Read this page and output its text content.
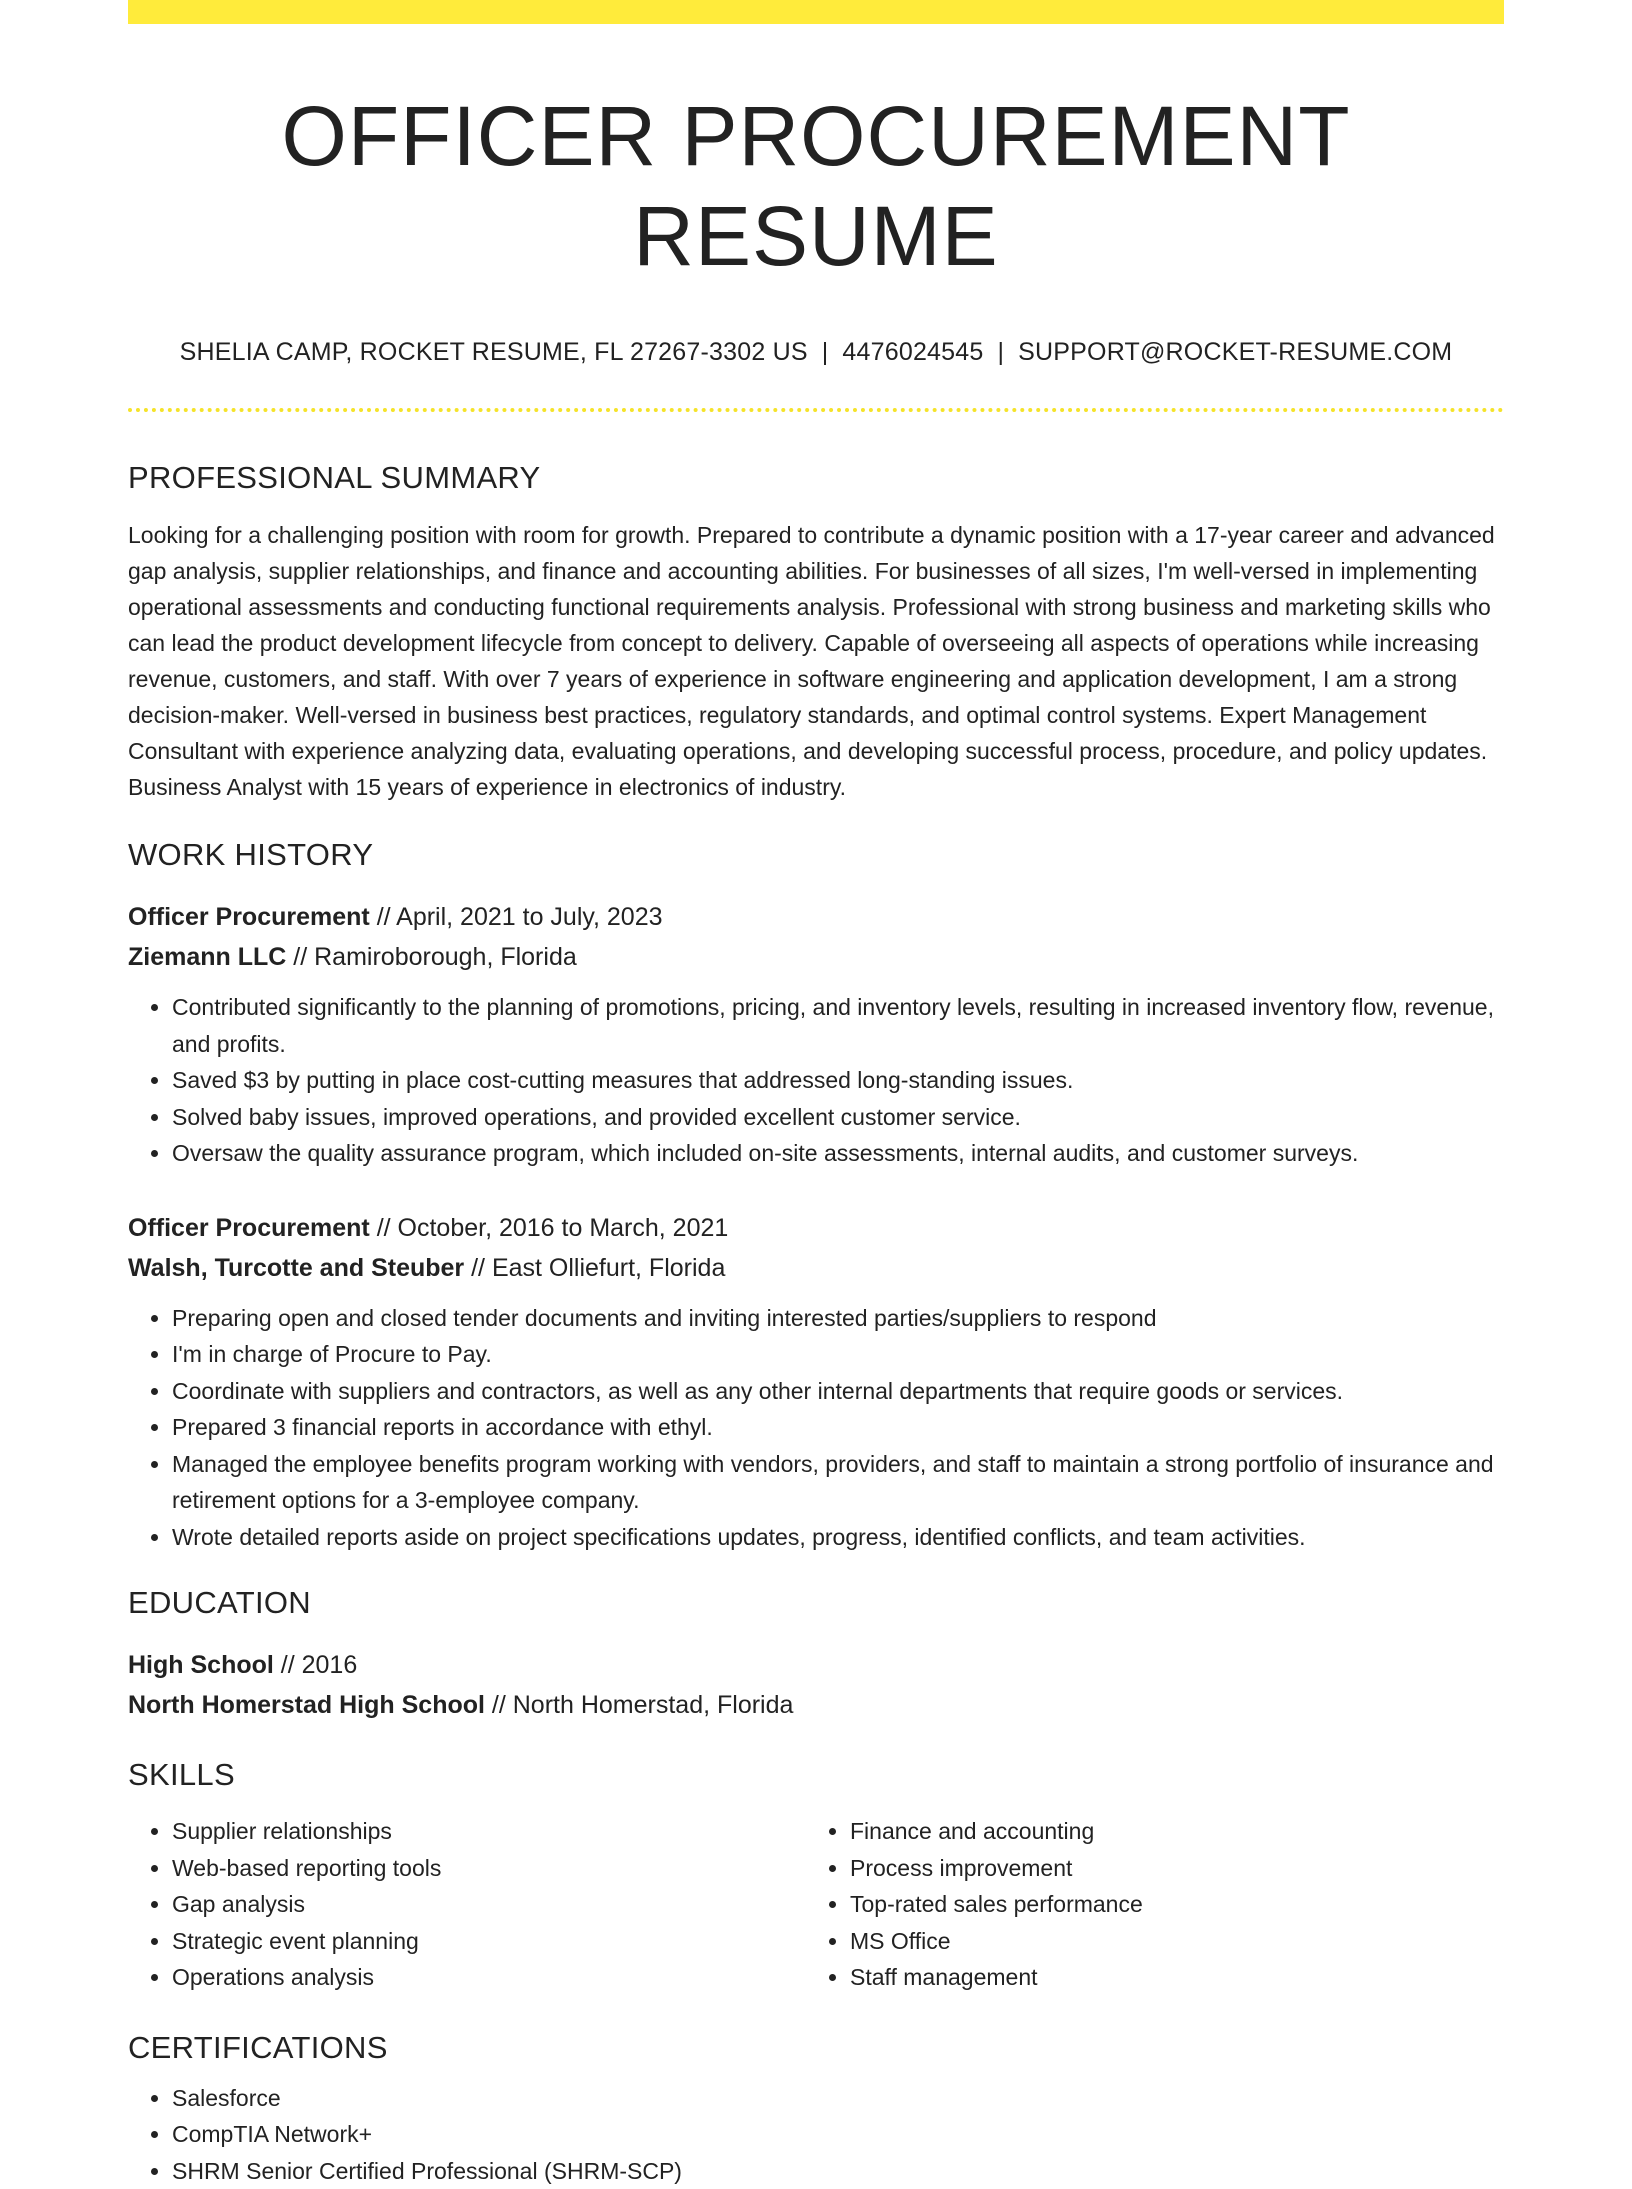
OFFICER PROCUREMENT RESUME
SHELIA CAMP, ROCKET RESUME, FL 27267-3302 US | 4476024545 | SUPPORT@ROCKET-RESUME.COM
PROFESSIONAL SUMMARY

Looking for a challenging position with room for growth. Prepared to contribute a dynamic position with a 17-year career and advanced gap analysis, supplier relationships, and finance and accounting abilities. For businesses of all sizes, I'm well-versed in implementing operational assessments and conducting functional requirements analysis. Professional with strong business and marketing skills who can lead the product development lifecycle from concept to delivery. Capable of overseeing all aspects of operations while increasing revenue, customers, and staff. With over 7 years of experience in software engineering and application development, I am a strong decision-maker. Well-versed in business best practices, regulatory standards, and optimal control systems. Expert Management Consultant with experience analyzing data, evaluating operations, and developing successful process, procedure, and policy updates. Business Analyst with 15 years of experience in electronics of industry.

WORK HISTORY
Officer Procurement // April, 2021 to July, 2023
Ziemann LLC // Ramiroborough, Florida
• Contributed significantly to the planning of promotions, pricing, and inventory levels, resulting in increased inventory flow, revenue, and profits.
• Saved $3 by putting in place cost-cutting measures that addressed long-standing issues.
• Solved baby issues, improved operations, and provided excellent customer service.
• Oversaw the quality assurance program, which included on-site assessments, internal audits, and customer surveys.
Officer Procurement // October, 2016 to March, 2021
Walsh, Turcotte and Steuber // East Olliefurt, Florida
• Preparing open and closed tender documents and inviting interested parties/suppliers to respond
• I'm in charge of Procure to Pay.
• Coordinate with suppliers and contractors, as well as any other internal departments that require goods or services.
• Prepared 3 financial reports in accordance with ethyl.
• Managed the employee benefits program working with vendors, providers, and staff to maintain a strong portfolio of insurance and retirement options for a 3-employee company.
• Wrote detailed reports aside on project specifications updates, progress, identified conflicts, and team activities.
EDUCATION
High School // 2016
North Homerstad High School // North Homerstad, Florida
SKILLS
• Supplier relationships
• Web-based reporting tools
• Gap analysis
• Strategic event planning
• Operations analysis
• Finance and accounting
• Process improvement
• Top-rated sales performance
• MS Office
• Staff management
CERTIFICATIONS
• Salesforce
• CompTIA Network+
• SHRM Senior Certified Professional (SHRM-SCP)
